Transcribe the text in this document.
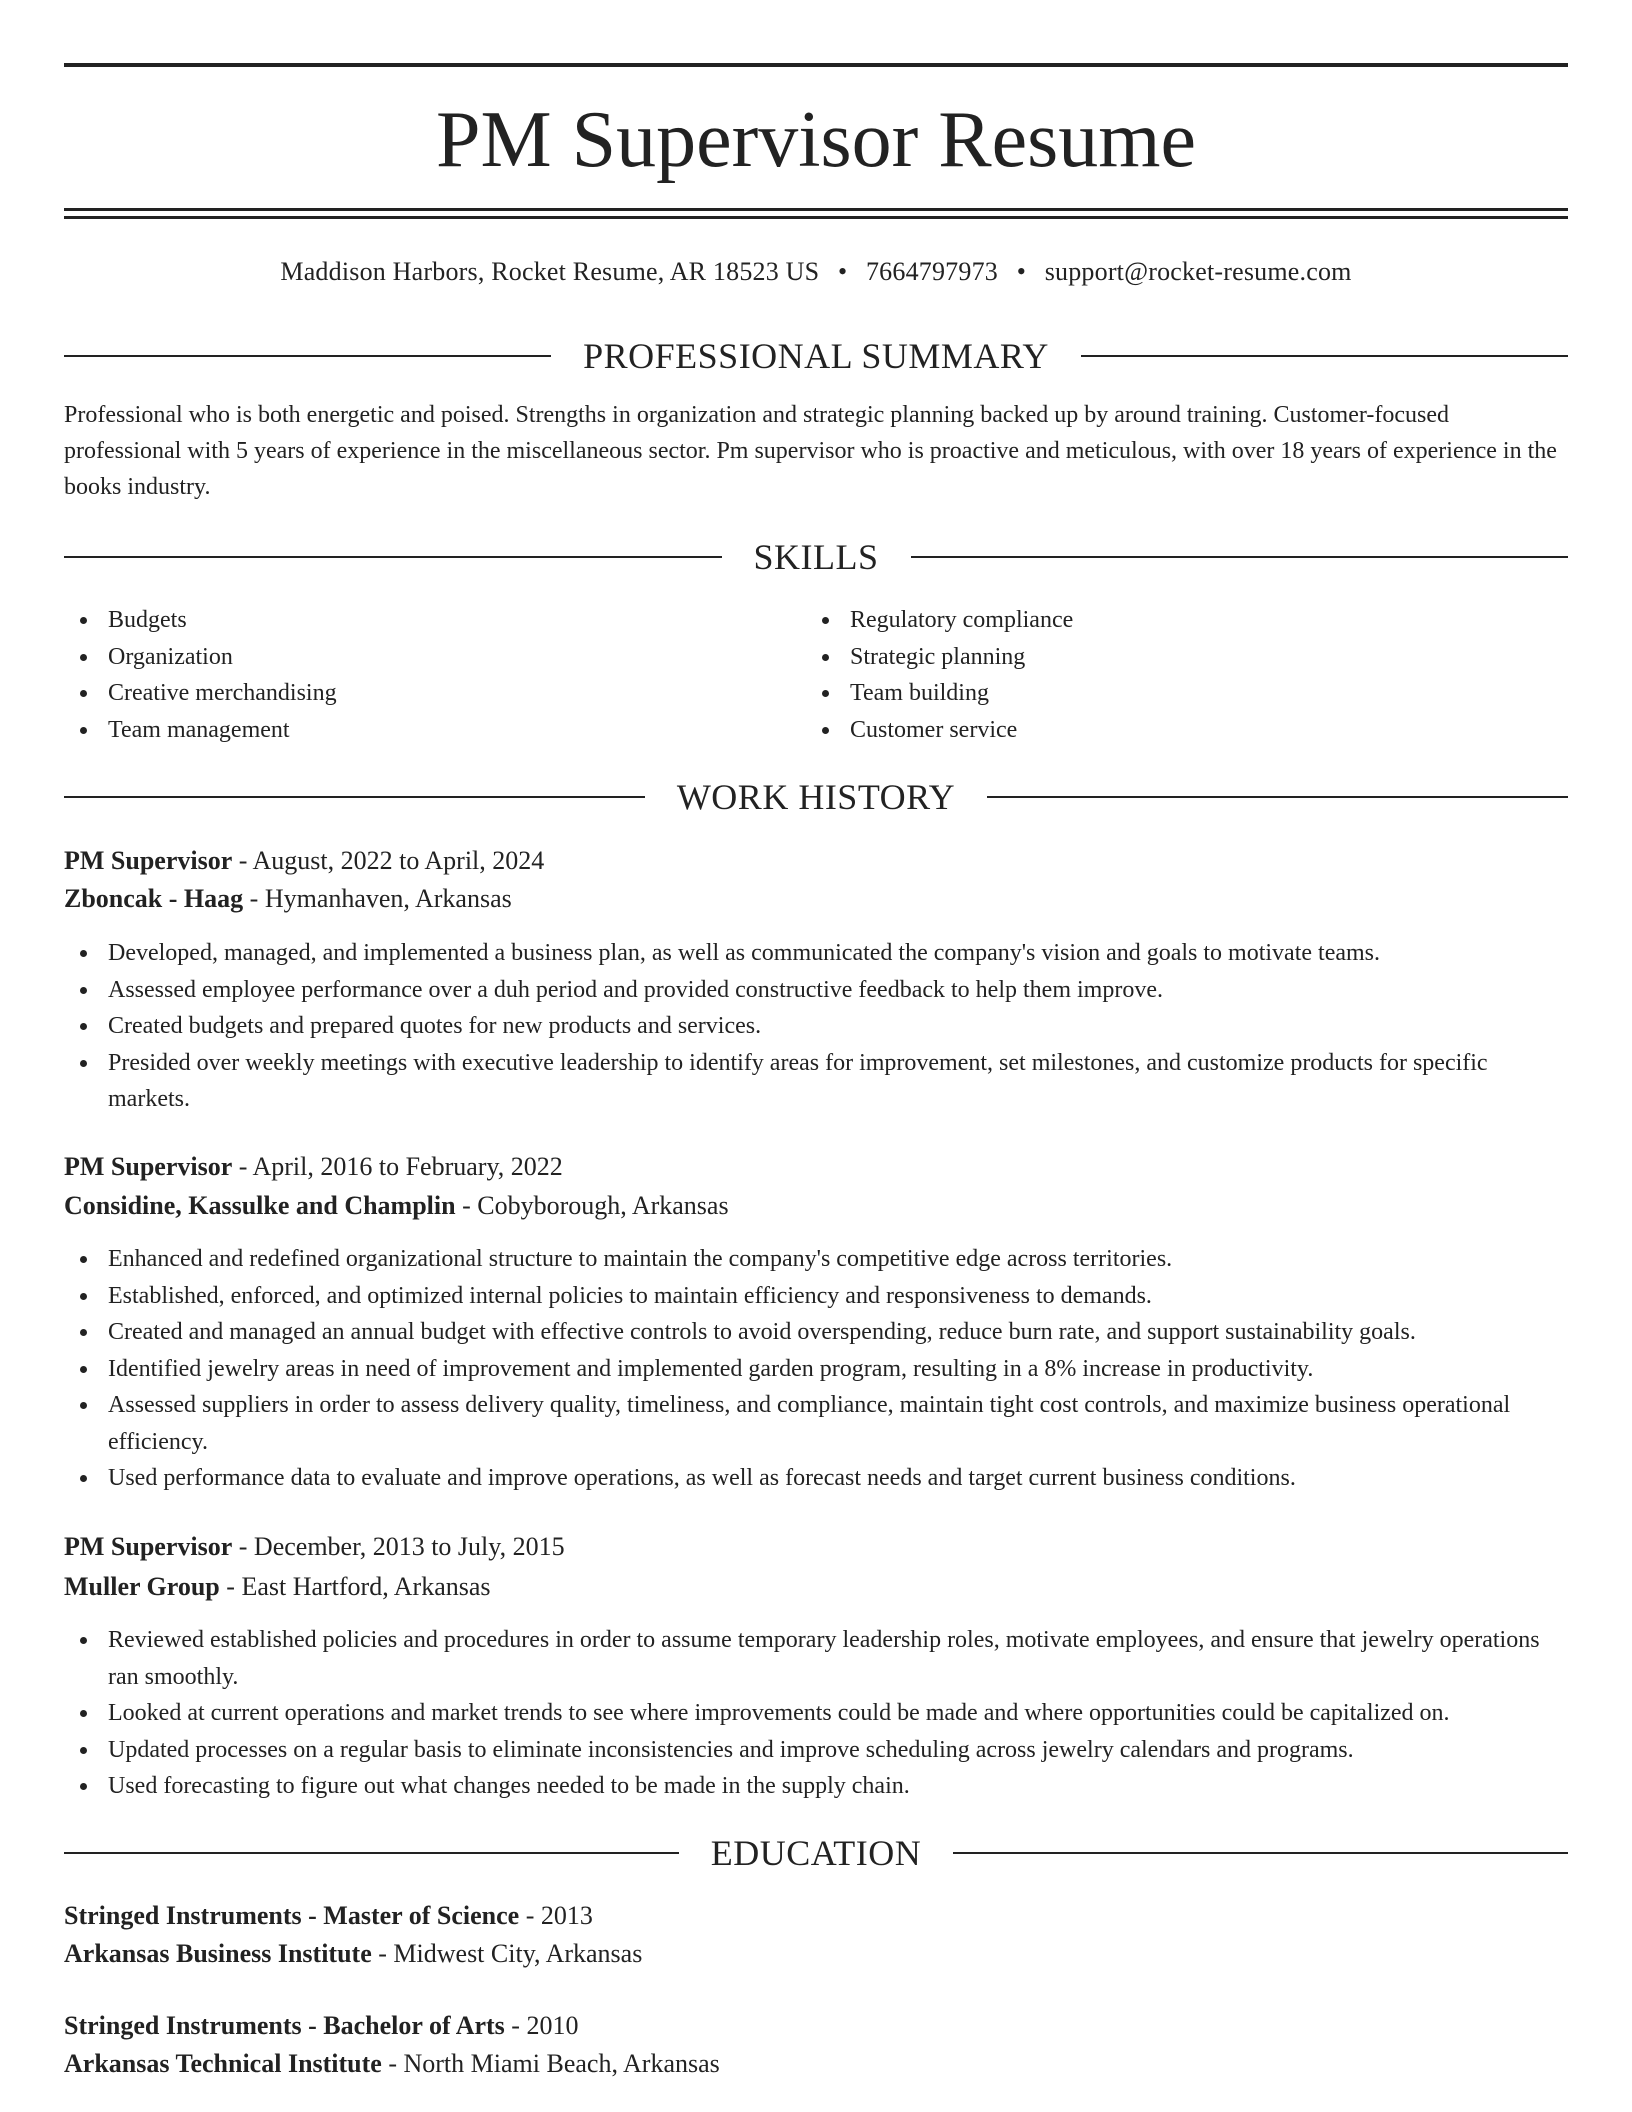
PM Supervisor Resume
Maddison Harbors, Rocket Resume, AR 18523 US • 7664797973 • support@rocket-resume.com
PROFESSIONAL SUMMARY
Professional who is both energetic and poised. Strengths in organization and strategic planning backed up by around training. Customer-focused professional with 5 years of experience in the miscellaneous sector. Pm supervisor who is proactive and meticulous, with over 18 years of experience in the books industry.
SKILLS
Budgets
Organization
Creative merchandising
Team management
Regulatory compliance
Strategic planning
Team building
Customer service
WORK HISTORY
PM Supervisor - August, 2022 to April, 2024
Zboncak - Haag - Hymanhaven, Arkansas
Developed, managed, and implemented a business plan, as well as communicated the company's vision and goals to motivate teams.
Assessed employee performance over a duh period and provided constructive feedback to help them improve.
Created budgets and prepared quotes for new products and services.
Presided over weekly meetings with executive leadership to identify areas for improvement, set milestones, and customize products for specific markets.
PM Supervisor - April, 2016 to February, 2022
Considine, Kassulke and Champlin - Cobyborough, Arkansas
Enhanced and redefined organizational structure to maintain the company's competitive edge across territories.
Established, enforced, and optimized internal policies to maintain efficiency and responsiveness to demands.
Created and managed an annual budget with effective controls to avoid overspending, reduce burn rate, and support sustainability goals.
Identified jewelry areas in need of improvement and implemented garden program, resulting in a 8% increase in productivity.
Assessed suppliers in order to assess delivery quality, timeliness, and compliance, maintain tight cost controls, and maximize business operational efficiency.
Used performance data to evaluate and improve operations, as well as forecast needs and target current business conditions.
PM Supervisor - December, 2013 to July, 2015
Muller Group - East Hartford, Arkansas
Reviewed established policies and procedures in order to assume temporary leadership roles, motivate employees, and ensure that jewelry operations ran smoothly.
Looked at current operations and market trends to see where improvements could be made and where opportunities could be capitalized on.
Updated processes on a regular basis to eliminate inconsistencies and improve scheduling across jewelry calendars and programs.
Used forecasting to figure out what changes needed to be made in the supply chain.
EDUCATION
Stringed Instruments - Master of Science - 2013
Arkansas Business Institute - Midwest City, Arkansas
Stringed Instruments - Bachelor of Arts - 2010
Arkansas Technical Institute - North Miami Beach, Arkansas
